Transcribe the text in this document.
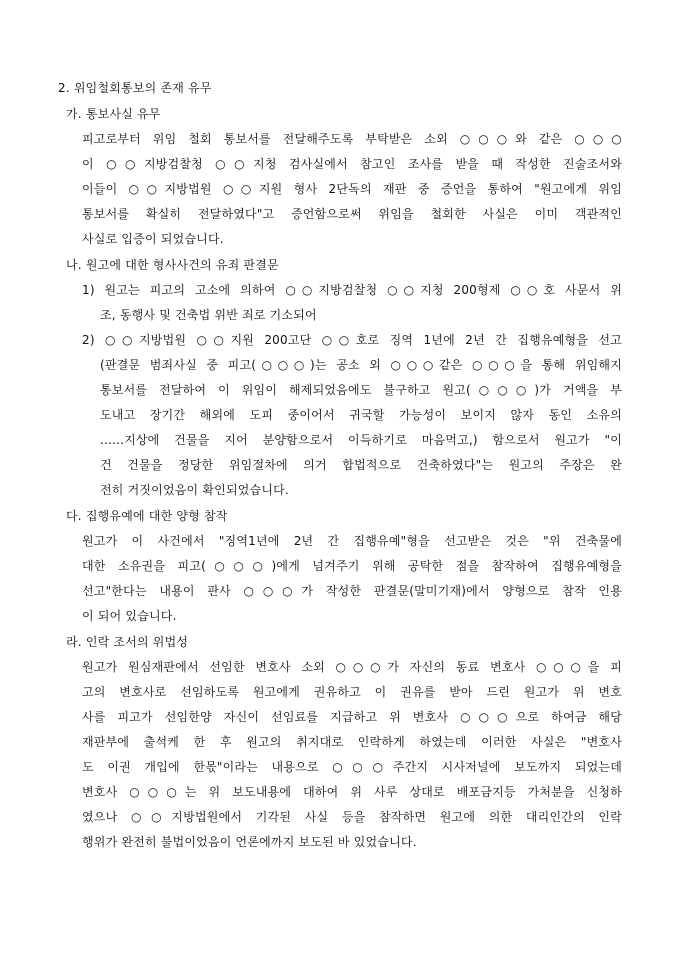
2. 위임철회통보의 존재 유무
가. 통보사실 유무
피고로부터 위임 철회 통보서를 전달해주도록 부탁받은 소외 ○○○와 같은 ○○○
이 ○○지방검찰청 ○○지청 검사실에서 참고인 조사를 받을 때 작성한 진술조서와
이들이 ○○지방법원 ○○지원 형사 2단독의 재판 중 증언을 통하여 "원고에게 위임
통보서를 확실히 전달하였다"고 증언함으로써 위임을 철회한 사실은 이미 객관적인
사실로 입증이 되었습니다.
나. 원고에 대한 형사사건의 유죄 판결문
1) 원고는 피고의 고소에 의하여 ○○지방검찰청 ○○지청 200형제 ○○호 사문서 위
조, 동행사 및 건축법 위반 죄로 기소되어
2) ○○지방법원 ○○지원 200고단 ○○호로 징역 1년에 2년 간 집행유예형을 선고
(판결문 범죄사실 중 피고(○○○)는 공소 외 ○○○같은 ○○○을 통해 위임해지
통보서를 전달하여 이 위임이 해제되었음에도 불구하고 원고(○○○)가 거액을 부
도내고 장기간 해외에 도피 중이어서 귀국할 가능성이 보이지 않자 동인 소유의
......지상에 건물을 지어 분양함으로서 이득하기로 마음먹고,) 함으로서 원고가 "이
건 건물을 정당한 위임절차에 의거 합법적으로 건축하였다"는 원고의 주장은 완
전히 거짓이었음이 확인되었습니다.
다. 집행유예에 대한 양형 참작
원고가 이 사건에서 "징역1년에 2년 간 집행유예"형을 선고받은 것은 "위 건축물에
대한 소유권을 피고(○○○)에게 넘겨주기 위해 공탁한 점을 참작하여 집행유예형을
선고"한다는 내용이 판사 ○○○가 작성한 판결문(말미기재)에서 양형으로 참작 인용
이 되어 있습니다.
라. 인락 조서의 위법성
원고가 원심재판에서 선임한 변호사 소외 ○○○가 자신의 동료 변호사 ○○○을 피
고의 변호사로 선임하도록 원고에게 권유하고 이 권유를 받아 드린 원고가 위 변호
사를 피고가 선임한양 자신이 선임료를 지급하고 위 변호사 ○○○으로 하여금 해당
재판부에 출석케 한 후 원고의 취지대로 인락하게 하였는데 이러한 사실은 "변호사
도 이권 개입에 한몫"이라는 내용으로 ○○○주간지 시사저널에 보도까지 되었는데
변호사 ○○○는 위 보도내용에 대하여 위 사루 상대로 배포금지등 가처분을 신청하
였으나 ○○지방법원에서 기각된 사실 등을 참작하면 원고에 의한 대리인간의 인락
행위가 완전히 불법이었음이 언론에까지 보도된 바 있었습니다.
